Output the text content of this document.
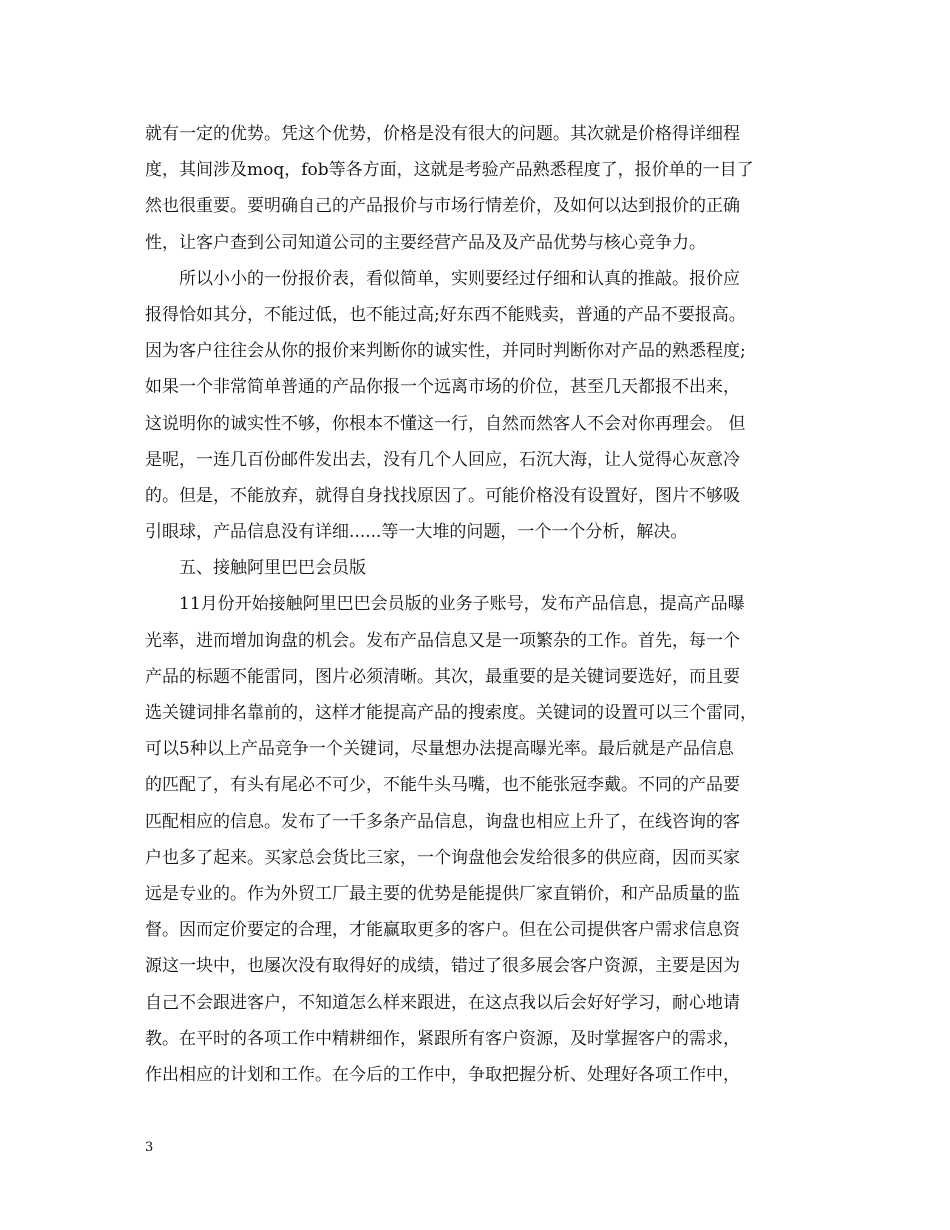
就有一定的优势。凭这个优势，价格是没有很大的问题。其次就是价格得详细程
度，其间涉及moq，fob等各方面，这就是考验产品熟悉程度了，报价单的一目了
然也很重要。要明确自己的产品报价与市场行情差价，及如何以达到报价的正确
性，让客户查到公司知道公司的主要经营产品及及产品优势与核心竞争力。
所以小小的一份报价表，看似简单，实则要经过仔细和认真的推敲。报价应
报得恰如其分，不能过低，也不能过高;好东西不能贱卖，普通的产品不要报高。
因为客户往往会从你的报价来判断你的诚实性，并同时判断你对产品的熟悉程度;
如果一个非常简单普通的产品你报一个远离市场的价位，甚至几天都报不出来，
这说明你的诚实性不够，你根本不懂这一行，自然而然客人不会对你再理会。 但
是呢，一连几百份邮件发出去，没有几个人回应，石沉大海，让人觉得心灰意冷
的。但是，不能放弃，就得自身找找原因了。可能价格没有设置好，图片不够吸
引眼球，产品信息没有详细......等一大堆的问题，一个一个分析，解决。
五、接触阿里巴巴会员版
11月份开始接触阿里巴巴会员版的业务子账号，发布产品信息，提高产品曝
光率，进而增加询盘的机会。发布产品信息又是一项繁杂的工作。首先，每一个
产品的标题不能雷同，图片必须清晰。其次，最重要的是关键词要选好，而且要
选关键词排名靠前的，这样才能提高产品的搜索度。关键词的设置可以三个雷同，
可以5种以上产品竞争一个关键词，尽量想办法提高曝光率。最后就是产品信息
的匹配了，有头有尾必不可少，不能牛头马嘴，也不能张冠李戴。不同的产品要
匹配相应的信息。发布了一千多条产品信息，询盘也相应上升了，在线咨询的客
户也多了起来。买家总会货比三家，一个询盘他会发给很多的供应商，因而买家
远是专业的。作为外贸工厂最主要的优势是能提供厂家直销价，和产品质量的监
督。因而定价要定的合理，才能赢取更多的客户。但在公司提供客户需求信息资
源这一块中，也屡次没有取得好的成绩，错过了很多展会客户资源，主要是因为
自己不会跟进客户，不知道怎么样来跟进，在这点我以后会好好学习，耐心地请
教。在平时的各项工作中精耕细作，紧跟所有客户资源，及时掌握客户的需求，
作出相应的计划和工作。在今后的工作中，争取把握分析、处理好各项工作中，
3
